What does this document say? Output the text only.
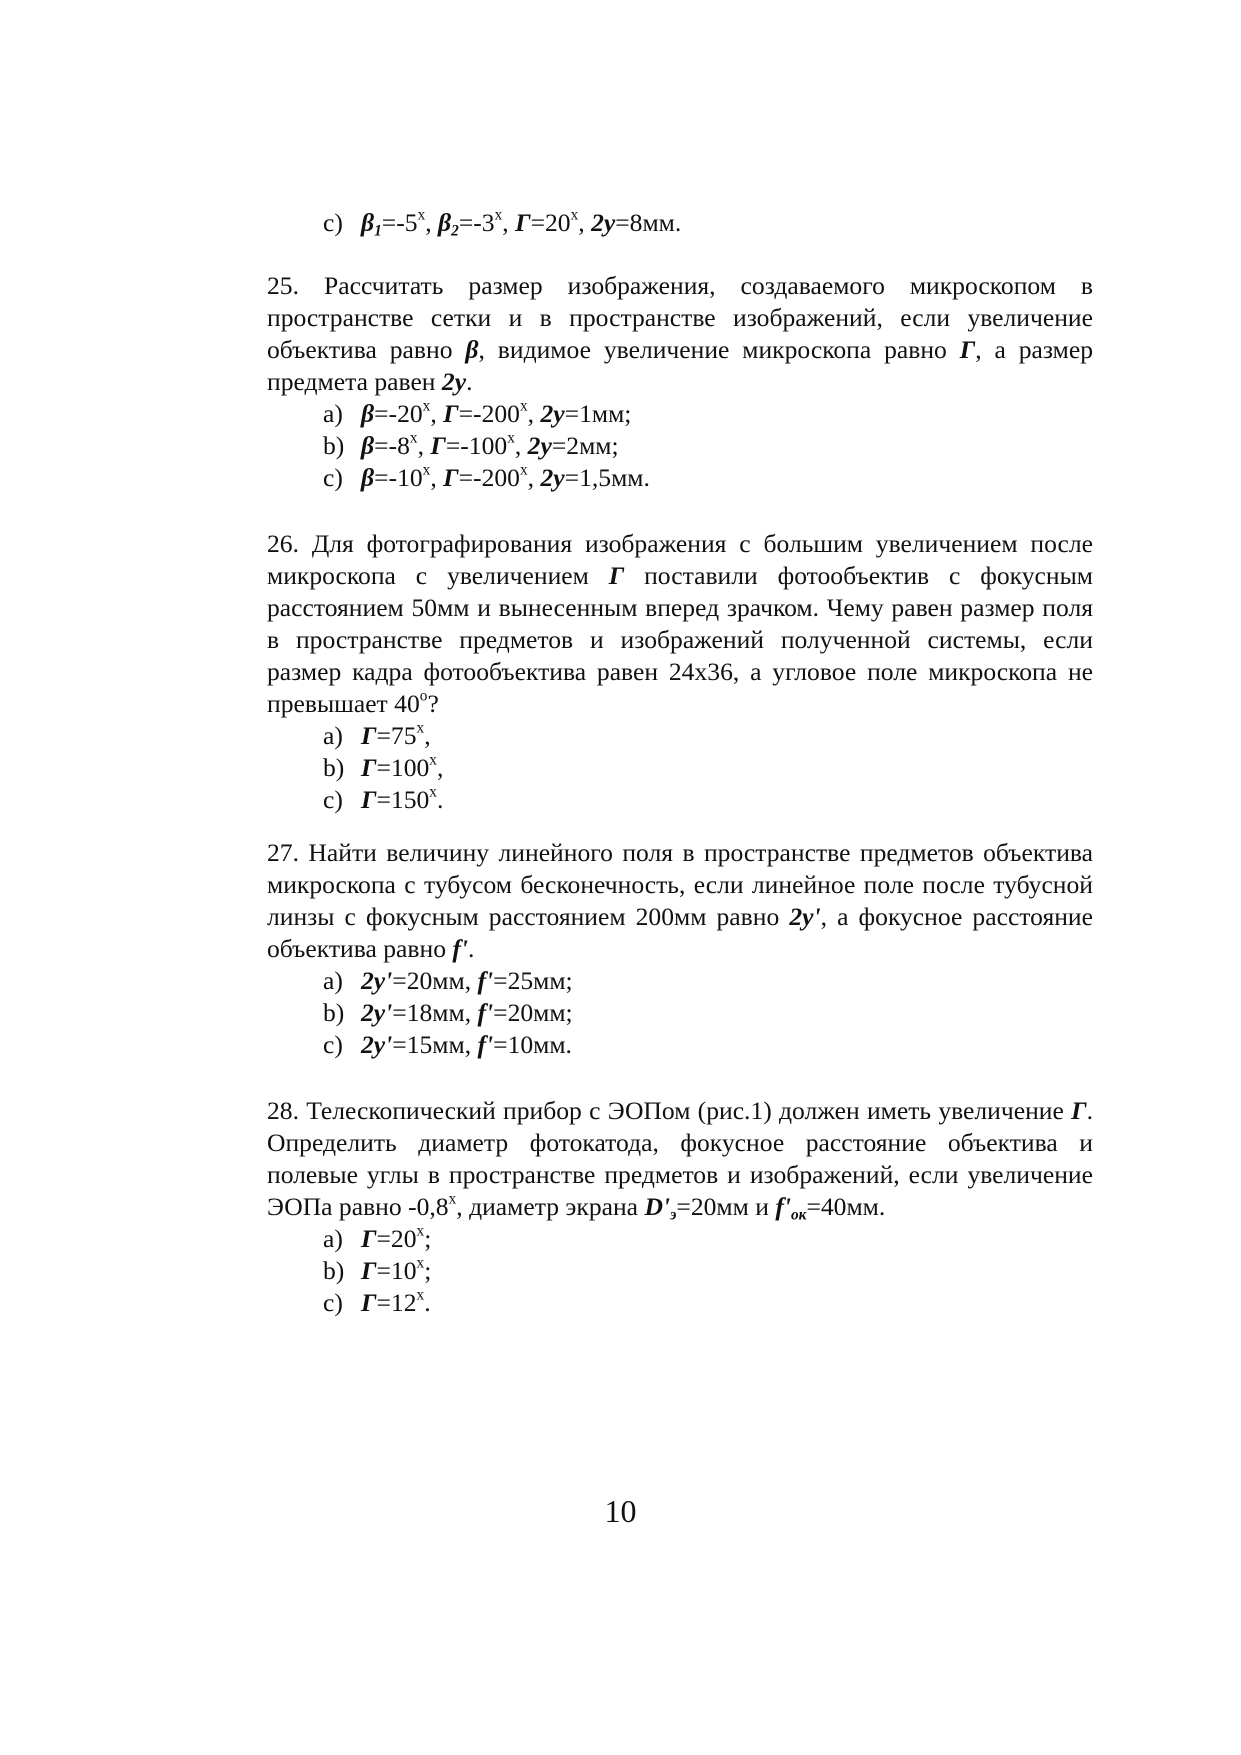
c) $\beta_1=-5^x$, $\beta_2=-3^x$, $Г=20^x$, 2y=8мм.

25. Рассчитать размер изображения, создаваемого микроскопом в пространстве сетки и в пространстве изображений, если увеличение объектива равно β, видимое увеличение микроскопа равно Г, а размер предмета равен 2y.

a) $\beta=-20^x$, $Г=-200^x$, 2y=1мм;
b) $\beta=-8^x$, $Г=-100^x$, 2y=2мм;
c) $\beta=-10^x$, $Г=-200^x$, 2y=1,5мм.

26. Для фотографирования изображения с большим увеличением после микроскопа с увеличением Г поставили фотообъектив с фокусным расстоянием 50мм и вынесенным вперед зрачком. Чему равен размер поля в пространстве предметов и изображений полученной системы, если размер кадра фотообъектива равен 24х36, а угловое поле микроскопа не превышает $40^о$?

a) $Г=75^x$,
b) $Г=100^x$,
c) $Г=150^x$.

27. Найти величину линейного поля в пространстве предметов объектива микроскопа с тубусом бесконечность, если линейное поле после тубусной линзы с фокусным расстоянием 200мм равно 2y', а фокусное расстояние объектива равно f'.

a) 2y'=20мм, f'=25мм;
b) 2y'=18мм, f'=20мм;
c) 2y'=15мм, f'=10мм.

28. Телескопический прибор с ЭОПом (рис.1) должен иметь увеличение Г. Определить диаметр фотокатода, фокусное расстояние объектива и полевые углы в пространстве предметов и изображений, если увеличение ЭОПа равно -0,8$^x$, диаметр экрана $D'_э=20мм$ и $f'_{ок}=40мм$.

a) $Г=20^x$;
b) $Г=10^x$;
c) $Г=12^x$.
10
